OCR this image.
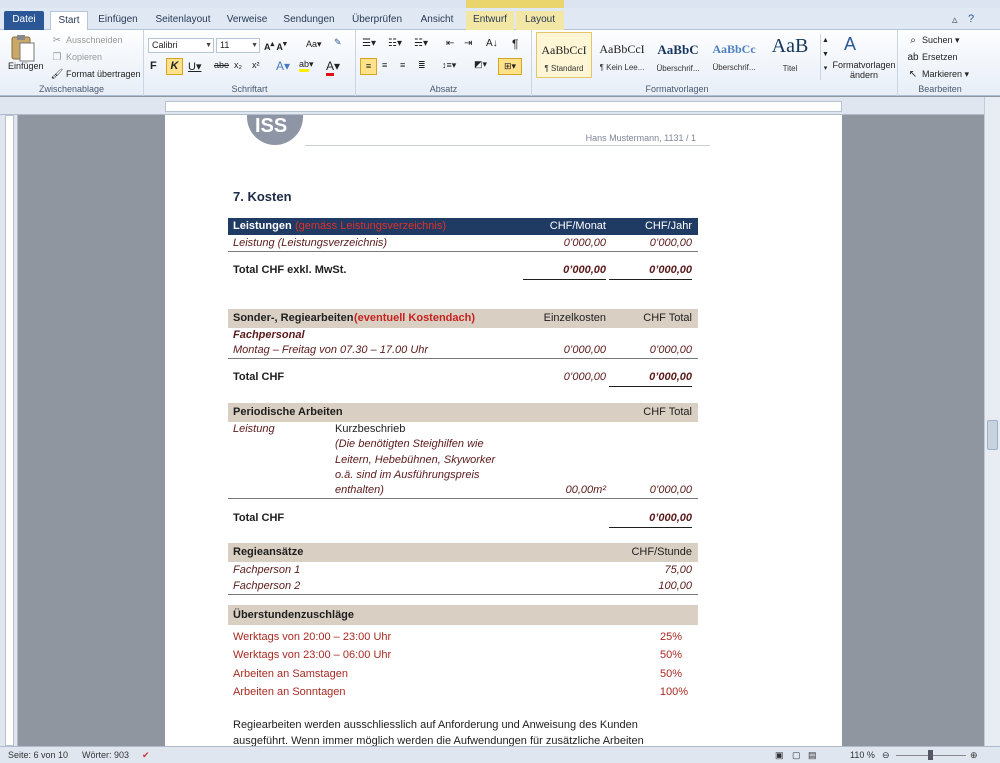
Datei	Start	Einfügen	Seitenlayout	Verweise	Sendungen	Überprüfen	Ansicht	Entwurf	Layout	▵ ?
Einfügen
✂ Ausschneiden
❐ Kopieren
🖌 Format übertragen
Zwischenablage
Calibri	▼ 11	▼ A▴ A▾ Aa▾ ✎
F	K U▾ abe x₂ x² A▾ ab▾ A▾
Schriftart
☰▾ ☷▾ ☵▾ ⇤ ⇥ A↓ ¶
≡	≡ ≡ ≣ ↕≡▾ ◩▾	⊞▾
Absatz
AaBbCcI
¶ Standard
AaBbCcI
¶ Kein Lee...
AaBbC
Überschrif...
AaBbCc
Überschrif...
AaB
Titel
▲
▼
▾
A
Formatvorlagen ändern
Formatvorlagen
⌕ Suchen ▾
ab Ersetzen
↖ Markieren ▾
Bearbeiten
ISS
Hans Mustermann, 1131 / 1
7. Kosten
Leistungen (gemäss Leistungsverzeichnis)	CHF/Monat	CHF/Jahr
Leistung (Leistungsverzeichnis)	0’000,00	0’000,00
Total CHF exkl. MwSt.	0’000,00	0’000,00
Sonder-, Regiearbeiten (eventuell Kostendach)	Einzelkosten	CHF Total
Fachpersonal
Montag – Freitag von 07.30 – 17.00 Uhr	0’000,00	0’000,00
Total CHF	0’000,00	0’000,00
Periodische Arbeiten	CHF Total
Leistung	Kurzbeschrieb
(Die benötigten Steighilfen wie
Leitern, Hebebühnen, Skyworker
o.ä. sind im Ausführungspreis
enthalten)	00,00m²	0’000,00
Total CHF	0’000,00
Regieansätze	CHF/Stunde
Fachperson 1	75,00
Fachperson 2	100,00
Überstundenzuschläge
Werktags von 20:00 – 23:00 Uhr	25%
Werktags von 23:00 – 06:00 Uhr	50%
Arbeiten an Samstagen	50%
Arbeiten an Sonntagen	100%
Regiearbeiten werden ausschliesslich auf Anforderung und Anweisung des Kunden
ausgeführt. Wenn immer möglich werden die Aufwendungen für zusätzliche Arbeiten
Seite: 6 von 10 Wörter: 903 ✔	▣ ▢ ▤	110 % ⊖	⊕
